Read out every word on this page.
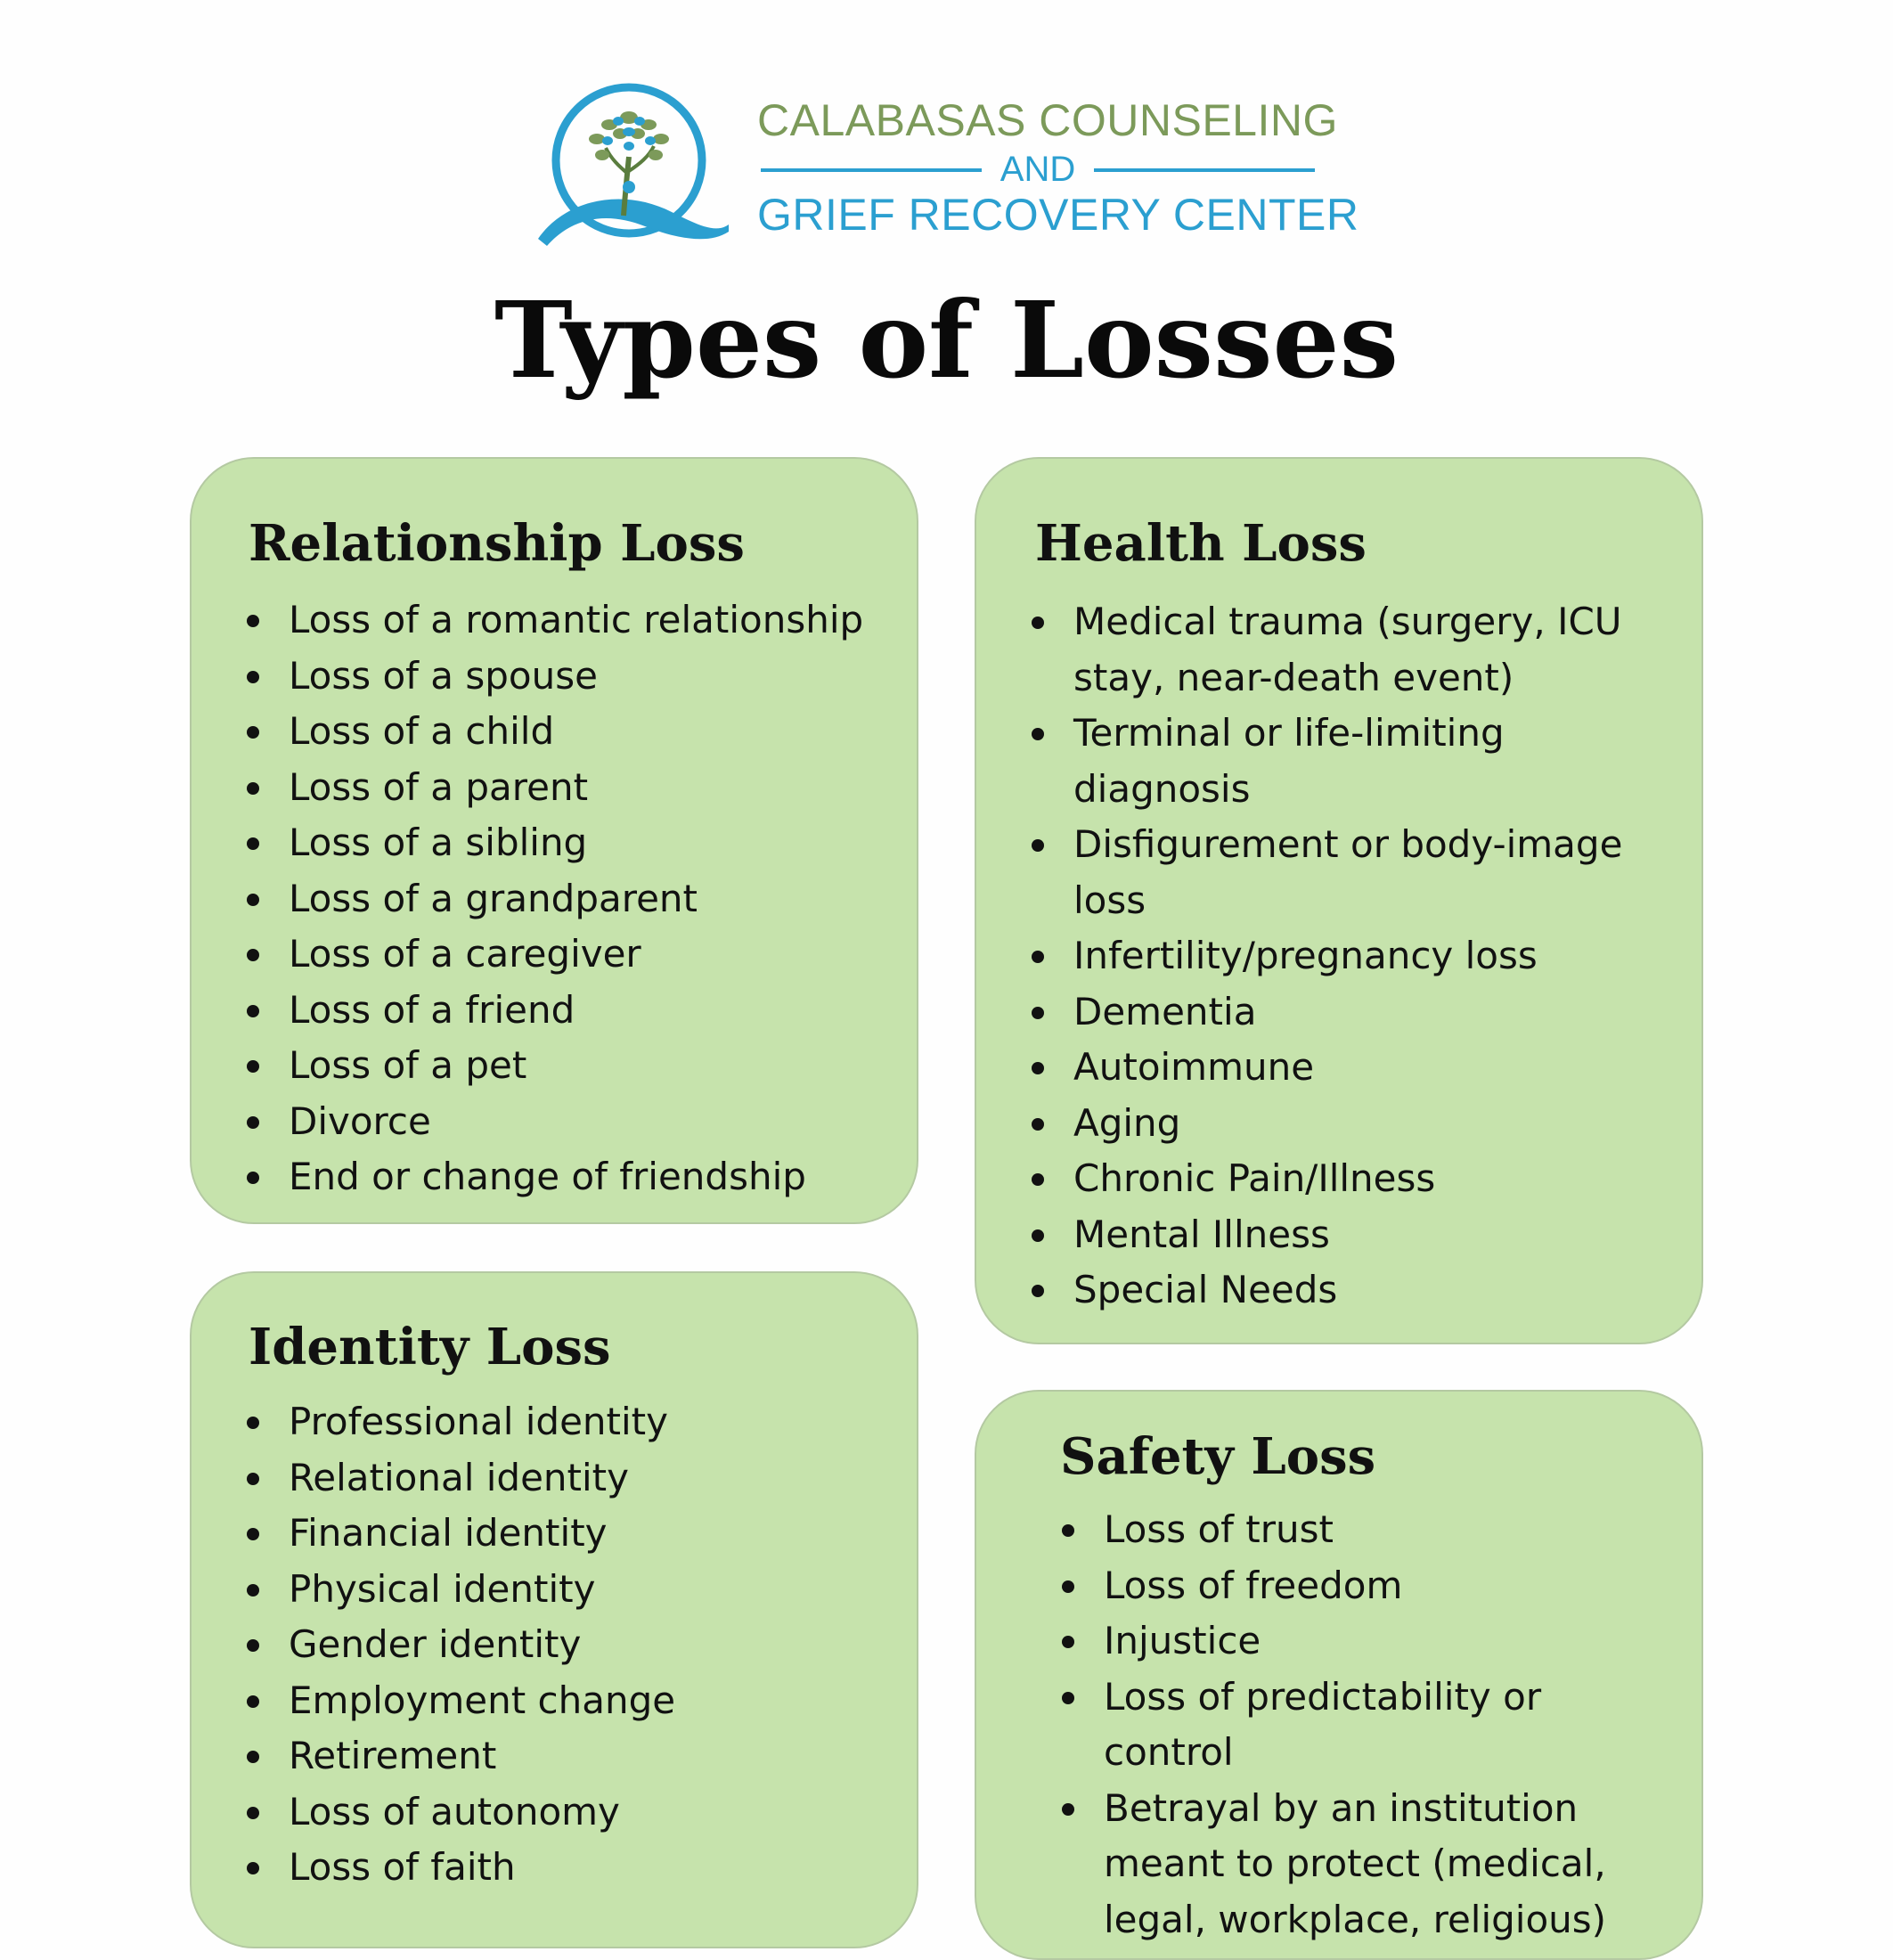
CALABASAS COUNSELING
AND
GRIEF RECOVERY CENTER
Types of Losses
Relationship Loss
Loss of a romantic relationship
Loss of a spouse
Loss of a child
Loss of a parent
Loss of a sibling
Loss of a grandparent
Loss of a caregiver
Loss of a friend
Loss of a pet
Divorce
End or change of friendship
Health Loss
Medical trauma (surgery, ICU stay, near-death event)
Terminal or life-limiting diagnosis
Disfigurement or body-image loss
Infertility/pregnancy loss
Dementia
Autoimmune
Aging
Chronic Pain/Illness
Mental Illness
Special Needs
Identity Loss
Professional identity
Relational identity
Financial identity
Physical identity
Gender identity
Employment change
Retirement
Loss of autonomy
Loss of faith
Safety Loss
Loss of trust
Loss of freedom
Injustice
Loss of predictability or control
Betrayal by an institution meant to protect (medical, legal, workplace, religious)
